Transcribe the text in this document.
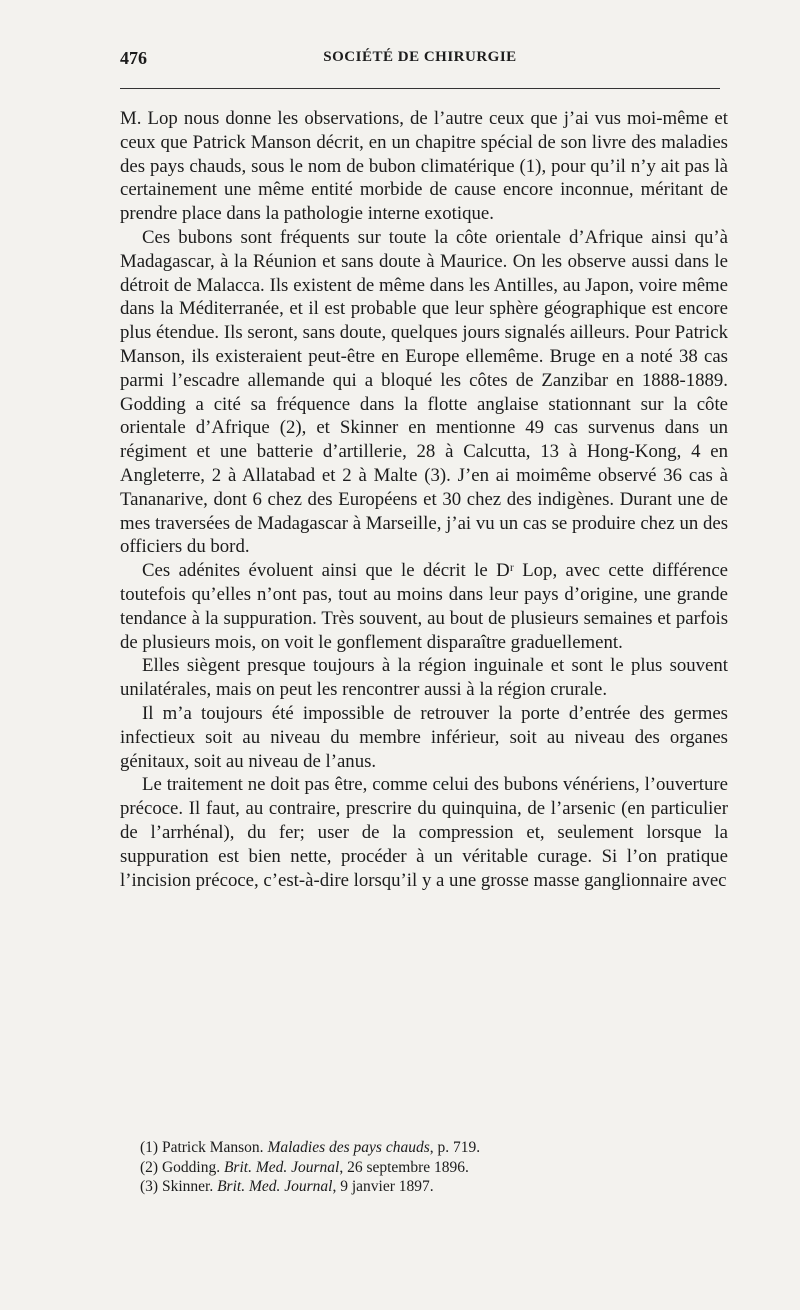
476	SOCIÉTÉ DE CHIRURGIE

M. Lop nous donne les observations, de l’autre ceux que j’ai vus moi-même et ceux que Patrick Manson décrit, en un chapitre spécial de son livre des maladies des pays chauds, sous le nom de bubon climatérique (1), pour qu’il n’y ait pas là certainement une même entité morbide de cause encore inconnue, méritant de prendre place dans la pathologie interne exotique.

Ces bubons sont fréquents sur toute la côte orientale d’Afrique ainsi qu’à Madagascar, à la Réunion et sans doute à Maurice. On les observe aussi dans le détroit de Malacca. Ils existent de même dans les Antilles, au Japon, voire même dans la Méditerranée, et il est probable que leur sphère géographique est encore plus étendue. Ils seront, sans doute, quelques jours signalés ailleurs. Pour Patrick Manson, ils existeraient peut-être en Europe ellemême. Bruge en a noté 38 cas parmi l’escadre allemande qui a bloqué les côtes de Zanzibar en 1888-1889. Godding a cité sa fréquence dans la flotte anglaise stationnant sur la côte orientale d’Afrique (2), et Skinner en mentionne 49 cas survenus dans un régiment et une batterie d’artillerie, 28 à Calcutta, 13 à Hong-Kong, 4 en Angleterre, 2 à Allatabad et 2 à Malte (3). J’en ai moimême observé 36 cas à Tananarive, dont 6 chez des Européens et 30 chez des indigènes. Durant une de mes traversées de Madagascar à Marseille, j’ai vu un cas se produire chez un des officiers du bord.

Ces adénites évoluent ainsi que le décrit le Dʳ Lop, avec cette différence toutefois qu’elles n’ont pas, tout au moins dans leur pays d’origine, une grande tendance à la suppuration. Très souvent, au bout de plusieurs semaines et parfois de plusieurs mois, on voit le gonflement disparaître graduellement.

Elles siègent presque toujours à la région inguinale et sont le plus souvent unilatérales, mais on peut les rencontrer aussi à la région crurale.

Il m’a toujours été impossible de retrouver la porte d’entrée des germes infectieux soit au niveau du membre inférieur, soit au niveau des organes génitaux, soit au niveau de l’anus.

Le traitement ne doit pas être, comme celui des bubons vénériens, l’ouverture précoce. Il faut, au contraire, prescrire du quinquina, de l’arsenic (en particulier de l’arrhénal), du fer; user de la compression et, seulement lorsque la suppuration est bien nette, procéder à un véritable curage. Si l’on pratique l’incision précoce, c’est-à-dire lorsqu’il y a une grosse masse ganglionnaire avec

(1) Patrick Manson. Maladies des pays chauds, p. 719.

(2) Godding. Brit. Med. Journal, 26 septembre 1896.

(3) Skinner. Brit. Med. Journal, 9 janvier 1897.
